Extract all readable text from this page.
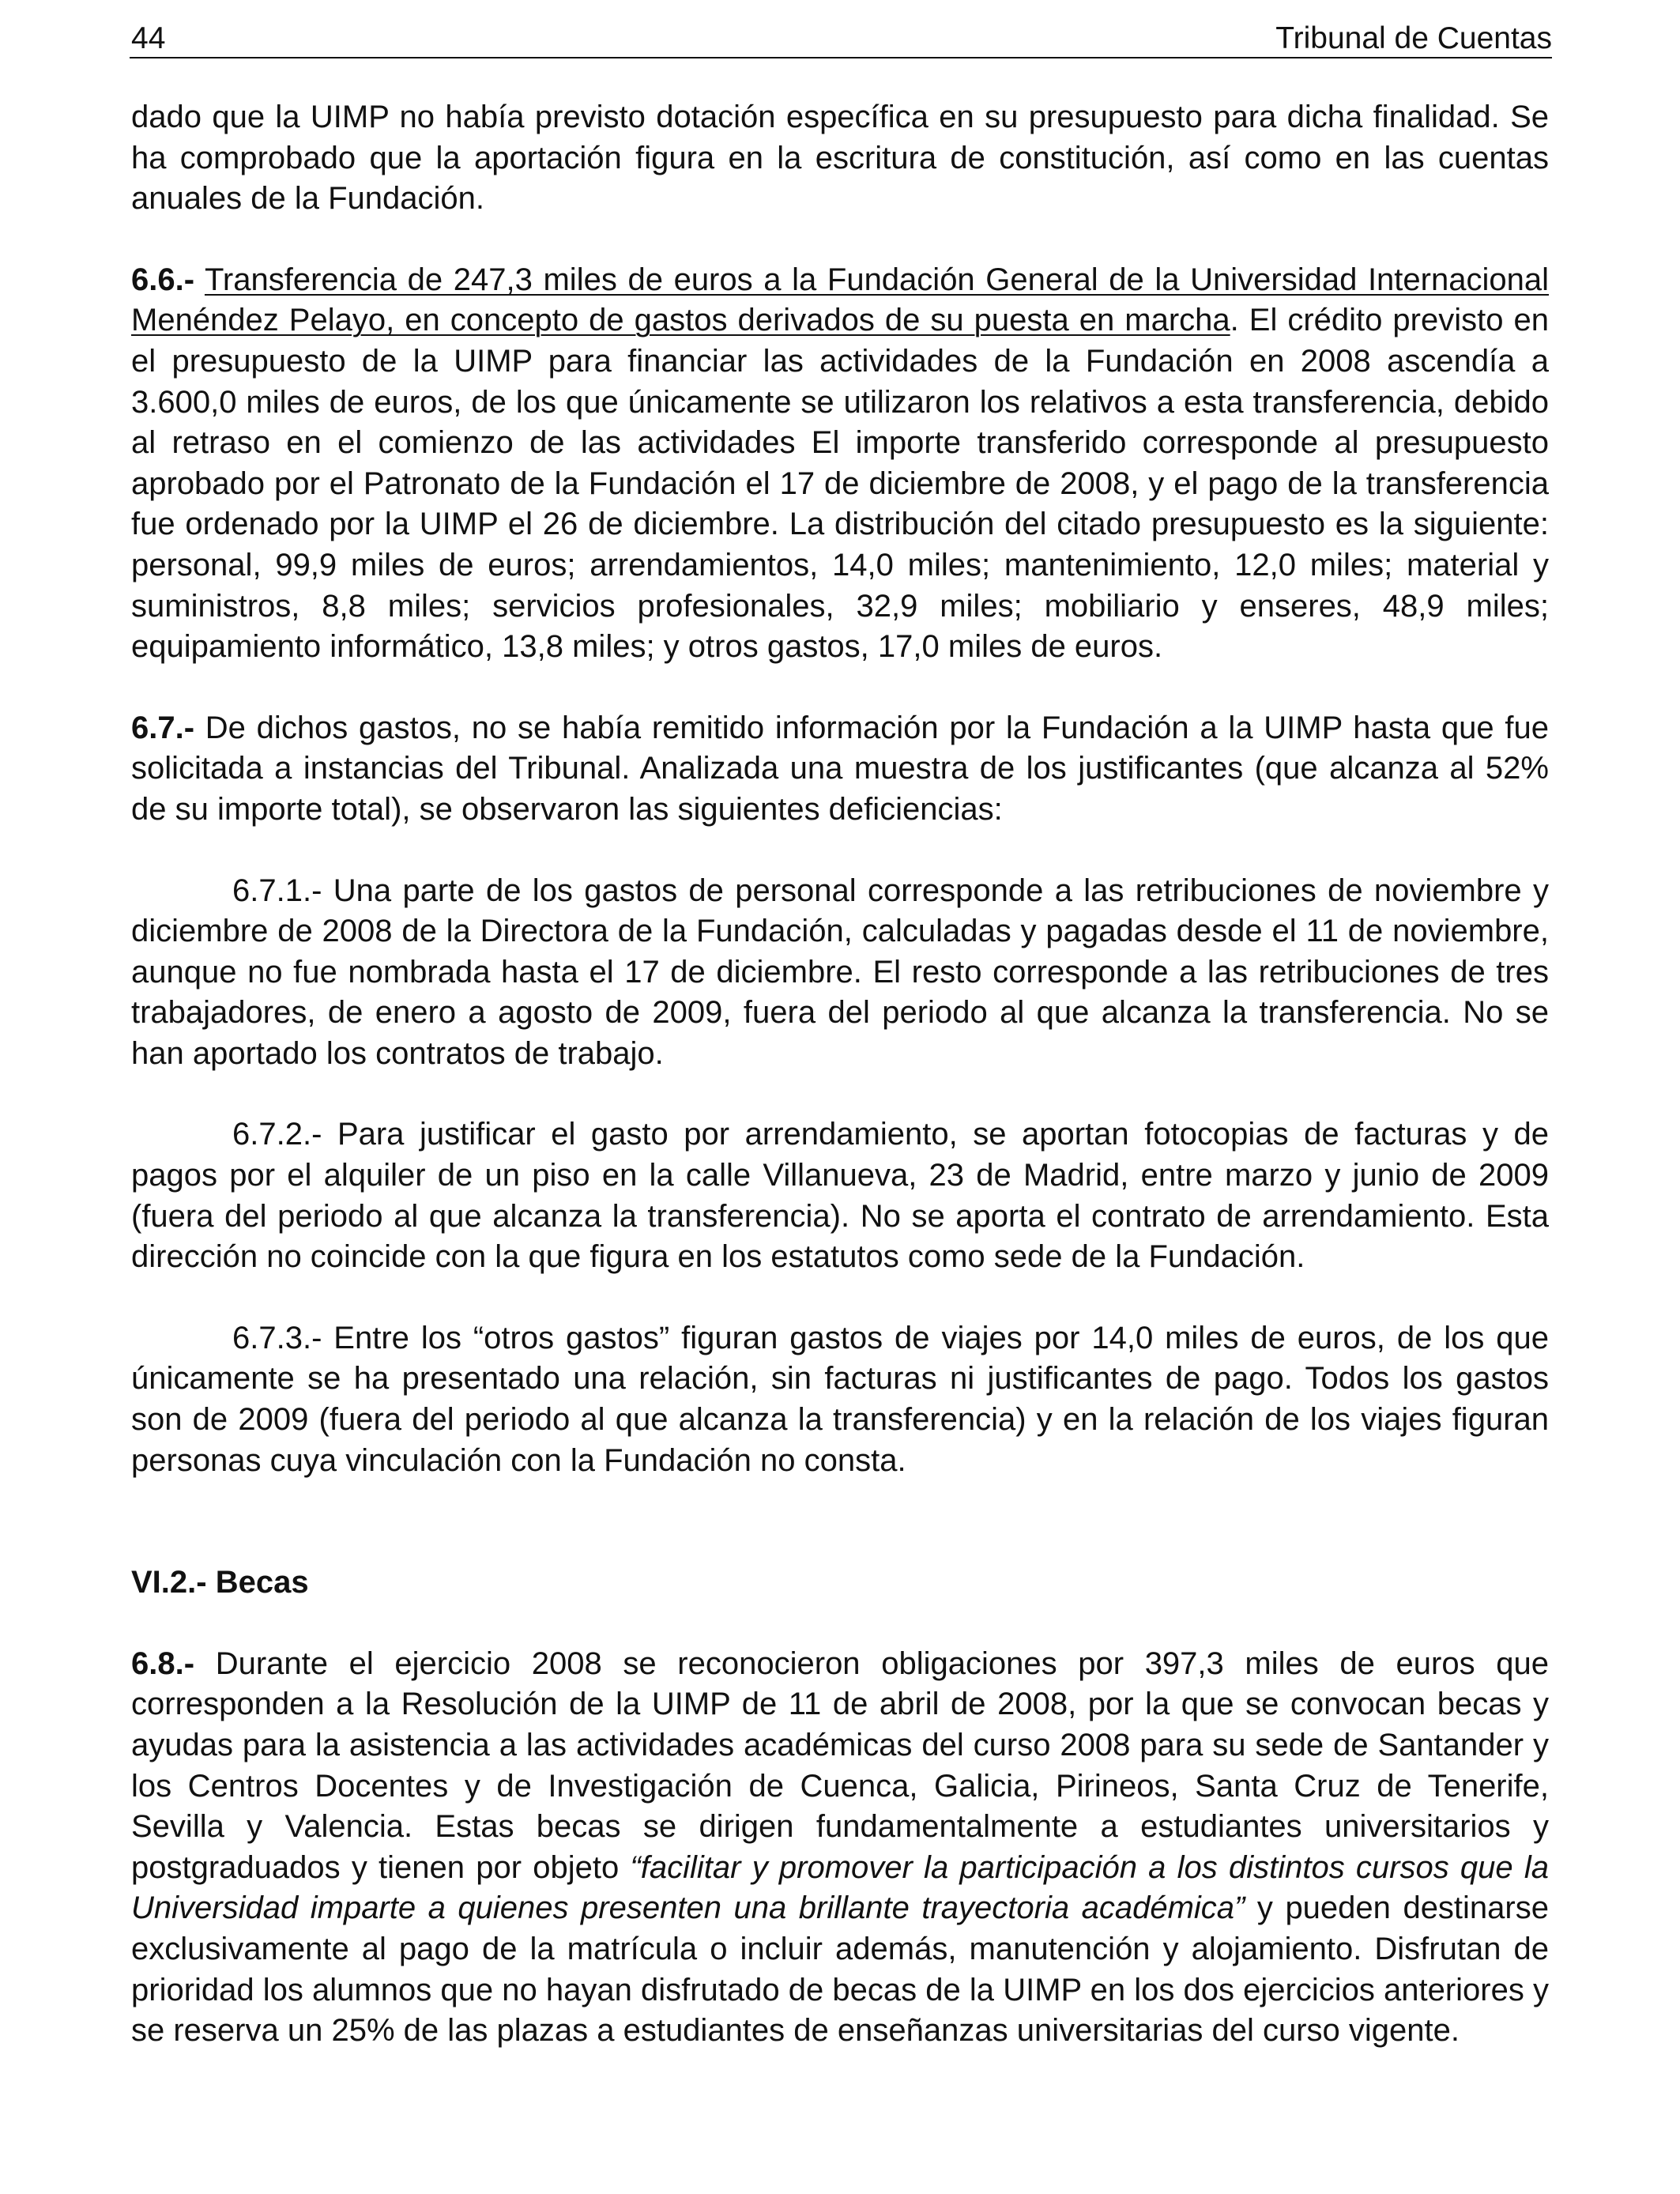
44	Tribunal de Cuentas

dado que la UIMP no había previsto dotación específica en su presupuesto para dicha finalidad. Se ha comprobado que la aportación figura en la escritura de constitución, así como en las cuentas anuales de la Fundación.

6.6.- Transferencia de 247,3 miles de euros a la Fundación General de la Universidad Internacional Menéndez Pelayo, en concepto de gastos derivados de su puesta en marcha. El crédito previsto en el presupuesto de la UIMP para financiar las actividades de la Fundación en 2008 ascendía a 3.600,0 miles de euros, de los que únicamente se utilizaron los relativos a esta transferencia, debido al retraso en el comienzo de las actividades El importe transferido corresponde al presupuesto aprobado por el Patronato de la Fundación el 17 de diciembre de 2008, y el pago de la transferencia fue ordenado por la UIMP el 26 de diciembre. La distribución del citado presupuesto es la siguiente: personal, 99,9 miles de euros; arrendamientos, 14,0 miles; mantenimiento, 12,0 miles; material y suministros, 8,8 miles; servicios profesionales, 32,9 miles; mobiliario y enseres, 48,9 miles; equipamiento informático, 13,8 miles; y otros gastos, 17,0 miles de euros.

6.7.- De dichos gastos, no se había remitido información por la Fundación a la UIMP hasta que fue solicitada a instancias del Tribunal. Analizada una muestra de los justificantes (que alcanza al 52% de su importe total), se observaron las siguientes deficiencias:

6.7.1.- Una parte de los gastos de personal corresponde a las retribuciones de noviembre y diciembre de 2008 de la Directora de la Fundación, calculadas y pagadas desde el 11 de noviembre, aunque no fue nombrada hasta el 17 de diciembre. El resto corresponde a las retribuciones de tres trabajadores, de enero a agosto de 2009, fuera del periodo al que alcanza la transferencia. No se han aportado los contratos de trabajo.

6.7.2.- Para justificar el gasto por arrendamiento, se aportan fotocopias de facturas y de pagos por el alquiler de un piso en la calle Villanueva, 23 de Madrid, entre marzo y junio de 2009 (fuera del periodo al que alcanza la transferencia). No se aporta el contrato de arrendamiento. Esta dirección no coincide con la que figura en los estatutos como sede de la Fundación.

6.7.3.- Entre los “otros gastos” figuran gastos de viajes por 14,0 miles de euros, de los que únicamente se ha presentado una relación, sin facturas ni justificantes de pago. Todos los gastos son de 2009 (fuera del periodo al que alcanza la transferencia) y en la relación de los viajes figuran personas cuya vinculación con la Fundación no consta.

VI.2.- Becas

6.8.- Durante el ejercicio 2008 se reconocieron obligaciones por 397,3 miles de euros que corresponden a la Resolución de la UIMP de 11 de abril de 2008, por la que se convocan becas y ayudas para la asistencia a las actividades académicas del curso 2008 para su sede de Santander y los Centros Docentes y de Investigación de Cuenca, Galicia, Pirineos, Santa Cruz de Tenerife, Sevilla y Valencia. Estas becas se dirigen fundamentalmente a estudiantes universitarios y postgraduados y tienen por objeto “facilitar y promover la participación a los distintos cursos que la Universidad imparte a quienes presenten una brillante trayectoria académica” y pueden destinarse exclusivamente al pago de la matrícula o incluir además, manutención y alojamiento. Disfrutan de prioridad los alumnos que no hayan disfrutado de becas de la UIMP en los dos ejercicios anteriores y se reserva un 25% de las plazas a estudiantes de enseñanzas universitarias del curso vigente.
